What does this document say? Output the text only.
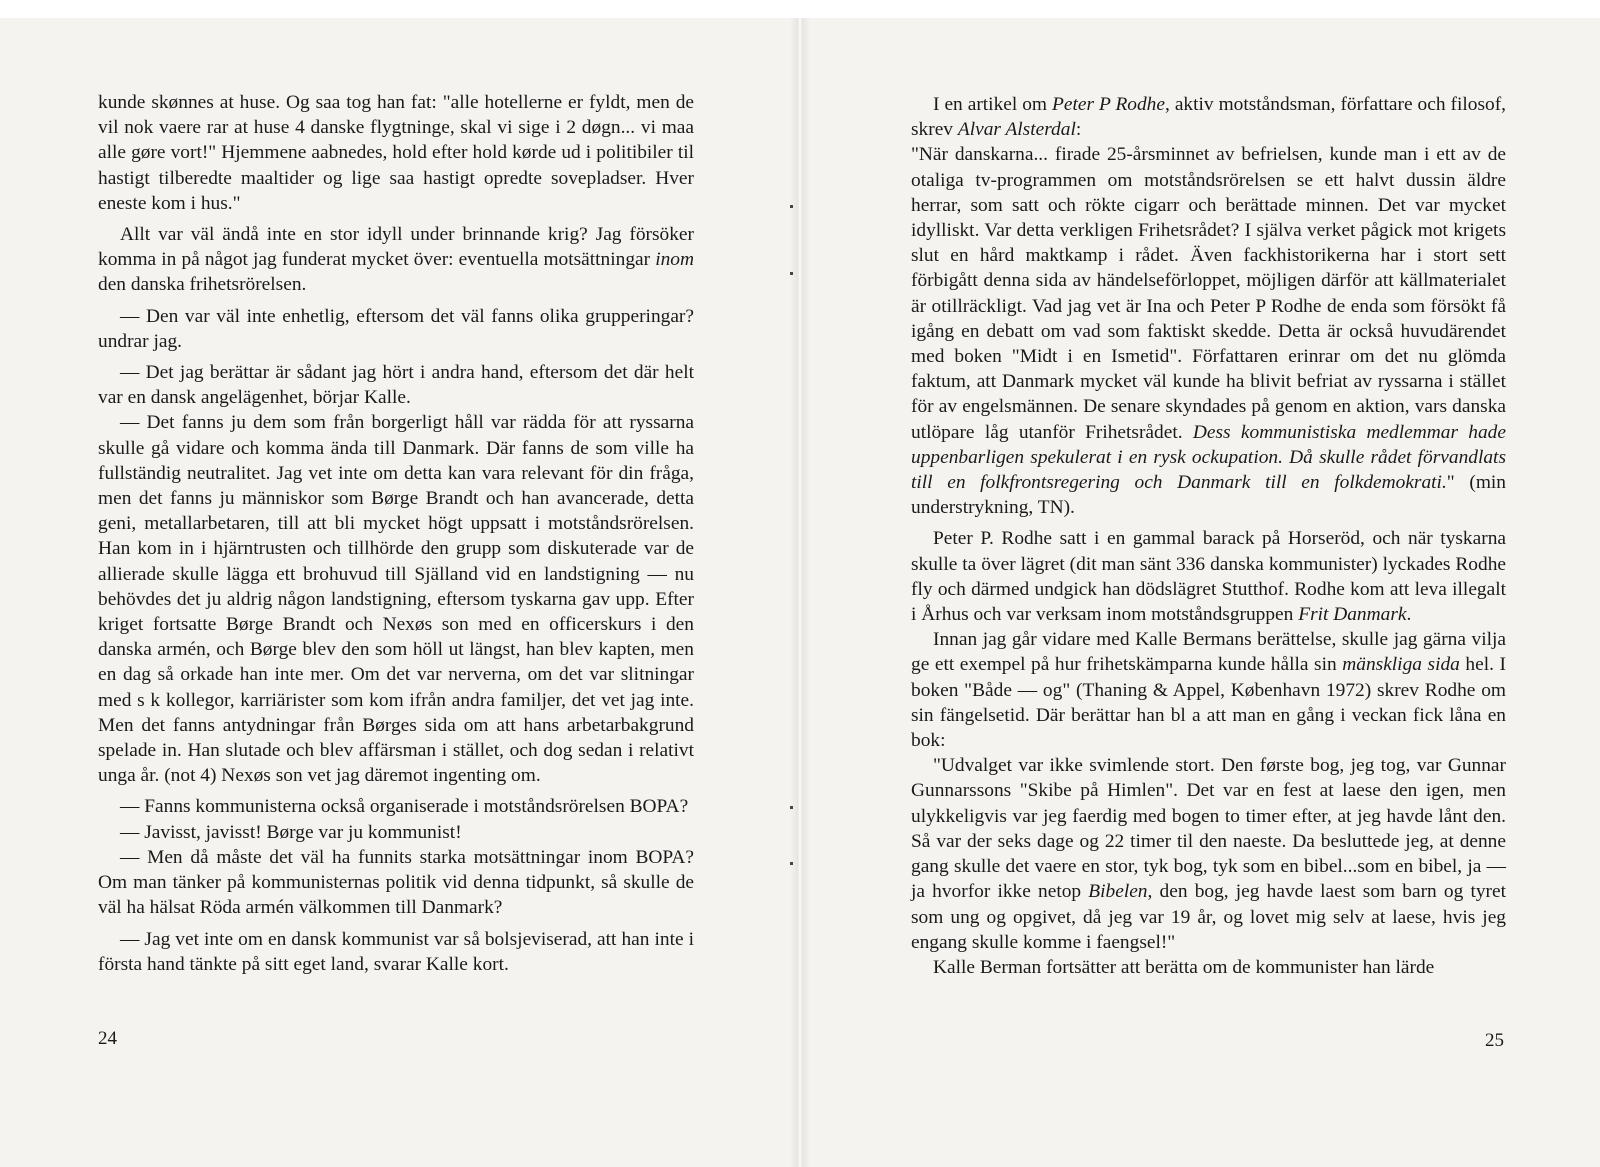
kunde skønnes at huse. Og saa tog han fat: "alle hotellerne er fyldt, men de vil nok vaere rar at huse 4 danske flygtninge, skal vi sige i 2 døgn... vi maa alle gøre vort!" Hjemmene aabnedes, hold efter hold kørde ud i politibiler til hastigt tilberedte maaltider og lige saa hastigt opredte sovepladser. Hver eneste kom i hus."

Allt var väl ändå inte en stor idyll under brinnande krig? Jag försöker komma in på något jag funderat mycket över: eventuella motsättningar inom den danska frihetsrörelsen.

— Den var väl inte enhetlig, eftersom det väl fanns olika grupperingar? undrar jag.

— Det jag berättar är sådant jag hört i andra hand, eftersom det där helt var en dansk angelägenhet, börjar Kalle.

— Det fanns ju dem som från borgerligt håll var rädda för att ryssarna skulle gå vidare och komma ända till Danmark. Där fanns de som ville ha fullständig neutralitet. Jag vet inte om detta kan vara relevant för din fråga, men det fanns ju människor som Børge Brandt och han avancerade, detta geni, metallarbetaren, till att bli mycket högt uppsatt i motståndsrörelsen. Han kom in i hjärntrusten och tillhörde den grupp som diskuterade var de allierade skulle lägga ett brohuvud till Själland vid en landstigning — nu behövdes det ju aldrig någon landstigning, eftersom tyskarna gav upp. Efter kriget fortsatte Børge Brandt och Nexøs son med en officerskurs i den danska armén, och Børge blev den som höll ut längst, han blev kapten, men en dag så orkade han inte mer. Om det var nerverna, om det var slitningar med s k kollegor, karriärister som kom ifrån andra familjer, det vet jag inte. Men det fanns antydningar från Børges sida om att hans arbetarbakgrund spelade in. Han slutade och blev affärsman i stället, och dog sedan i relativt unga år. (not 4) Nexøs son vet jag däremot ingenting om.

— Fanns kommunisterna också organiserade i motståndsrörelsen BOPA?

— Javisst, javisst! Børge var ju kommunist!

— Men då måste det väl ha funnits starka motsättningar inom BOPA? Om man tänker på kommunisternas politik vid denna tidpunkt, så skulle de väl ha hälsat Röda armén välkommen till Danmark?

— Jag vet inte om en dansk kommunist var så bolsjeviserad, att han inte i första hand tänkte på sitt eget land, svarar Kalle kort.

24

I en artikel om Peter P Rodhe, aktiv motståndsman, författare och filosof, skrev Alvar Alsterdal:

"När danskarna... firade 25-årsminnet av befrielsen, kunde man i ett av de otaliga tv-programmen om motståndsrörelsen se ett halvt dussin äldre herrar, som satt och rökte cigarr och berättade minnen. Det var mycket idylliskt. Var detta verkligen Frihetsrådet? I själva verket pågick mot krigets slut en hård maktkamp i rådet. Även fackhistorikerna har i stort sett förbigått denna sida av händelseförloppet, möjligen därför att källmaterialet är otillräckligt. Vad jag vet är Ina och Peter P Rodhe de enda som försökt få igång en debatt om vad som faktiskt skedde. Detta är också huvudärendet med boken "Midt i en Ismetid". Författaren erinrar om det nu glömda faktum, att Danmark mycket väl kunde ha blivit befriat av ryssarna i stället för av engelsmännen. De senare skyndades på genom en aktion, vars danska utlöpare låg utanför Frihetsrådet. Dess kommunistiska medlemmar hade uppenbarligen spekulerat i en rysk ockupation. Då skulle rådet förvandlats till en folkfrontsregering och Danmark till en folkdemokrati." (min understrykning, TN).

Peter P. Rodhe satt i en gammal barack på Horseröd, och när tyskarna skulle ta över lägret (dit man sänt 336 danska kommunister) lyckades Rodhe fly och därmed undgick han dödslägret Stutthof. Rodhe kom att leva illegalt i Århus och var verksam inom motståndsgruppen Frit Danmark.

Innan jag går vidare med Kalle Bermans berättelse, skulle jag gärna vilja ge ett exempel på hur frihetskämparna kunde hålla sin mänskliga sida hel. I boken "Både — og" (Thaning & Appel, København 1972) skrev Rodhe om sin fängelsetid. Där berättar han bl a att man en gång i veckan fick låna en bok:

"Udvalget var ikke svimlende stort. Den første bog, jeg tog, var Gunnar Gunnarssons "Skibe på Himlen". Det var en fest at laese den igen, men ulykkeligvis var jeg faerdig med bogen to timer efter, at jeg havde lånt den. Så var der seks dage og 22 timer til den naeste. Da besluttede jeg, at denne gang skulle det vaere en stor, tyk bog, tyk som en bibel...som en bibel, ja — ja hvorfor ikke netop Bibelen, den bog, jeg havde laest som barn og tyret som ung og opgivet, då jeg var 19 år, og lovet mig selv at laese, hvis jeg engang skulle komme i faengsel!"

Kalle Berman fortsätter att berätta om de kommunister han lärde

25
